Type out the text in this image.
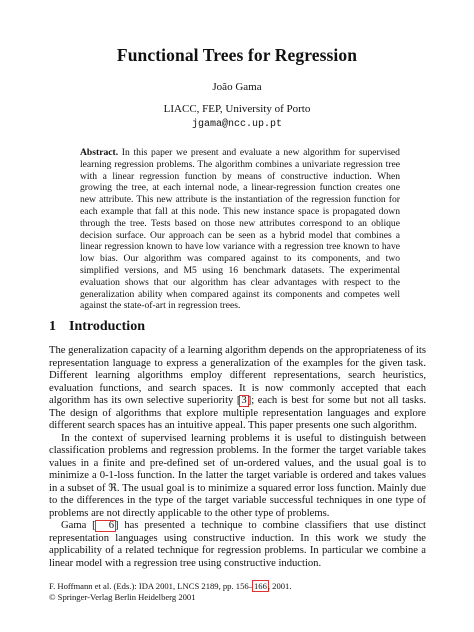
Functional Trees for Regression
João Gama
LIACC, FEP, University of Porto
jgama@ncc.up.pt
Abstract. In this paper we present and evaluate a new algorithm for supervised learning regression problems. The algorithm combines a univariate regression tree with a linear regression function by means of constructive induction. When growing the tree, at each internal node, a linear-regression function creates one new attribute. This new attribute is the instantiation of the regression function for each example that fall at this node. This new instance space is propagated down through the tree. Tests based on those new attributes correspond to an oblique decision surface. Our approach can be seen as a hybrid model that combines a linear regression known to have low variance with a regression tree known to have low bias. Our algorithm was compared against to its components, and two simplified versions, and M5 using 16 benchmark datasets. The experimental evaluation shows that our algorithm has clear advantages with respect to the generalization ability when compared against its components and competes well against the state-of-art in regression trees.
1 Introduction

The generalization capacity of a learning algorithm depends on the appropriateness of its representation language to express a generalization of the examples for the given task. Different learning algorithms employ different representations, search heuristics, evaluation functions, and search spaces. It is now commonly accepted that each algorithm has its own selective superiority [3]; each is best for some but not all tasks. The design of algorithms that explore multiple representation languages and explore different search spaces has an intuitive appeal. This paper presents one such algorithm.

In the context of supervised learning problems it is useful to distinguish between classification problems and regression problems. In the former the target variable takes values in a finite and pre-defined set of un-ordered values, and the usual goal is to minimize a 0-1-loss function. In the latter the target variable is ordered and takes values in a subset of ℜ. The usual goal is to minimize a squared error loss function. Mainly due to the differences in the type of the target variable successful techniques in one type of problems are not directly applicable to the other type of problems.

Gama [ 6] has presented a technique to combine classifiers that use distinct representation languages using constructive induction. In this work we study the applicability of a related technique for regression problems. In particular we combine a linear model with a regression tree using constructive induction.

F. Hoffmann et al. (Eds.): IDA 2001, LNCS 2189, pp. 156–166, 2001.
© Springer-Verlag Berlin Heidelberg 2001
